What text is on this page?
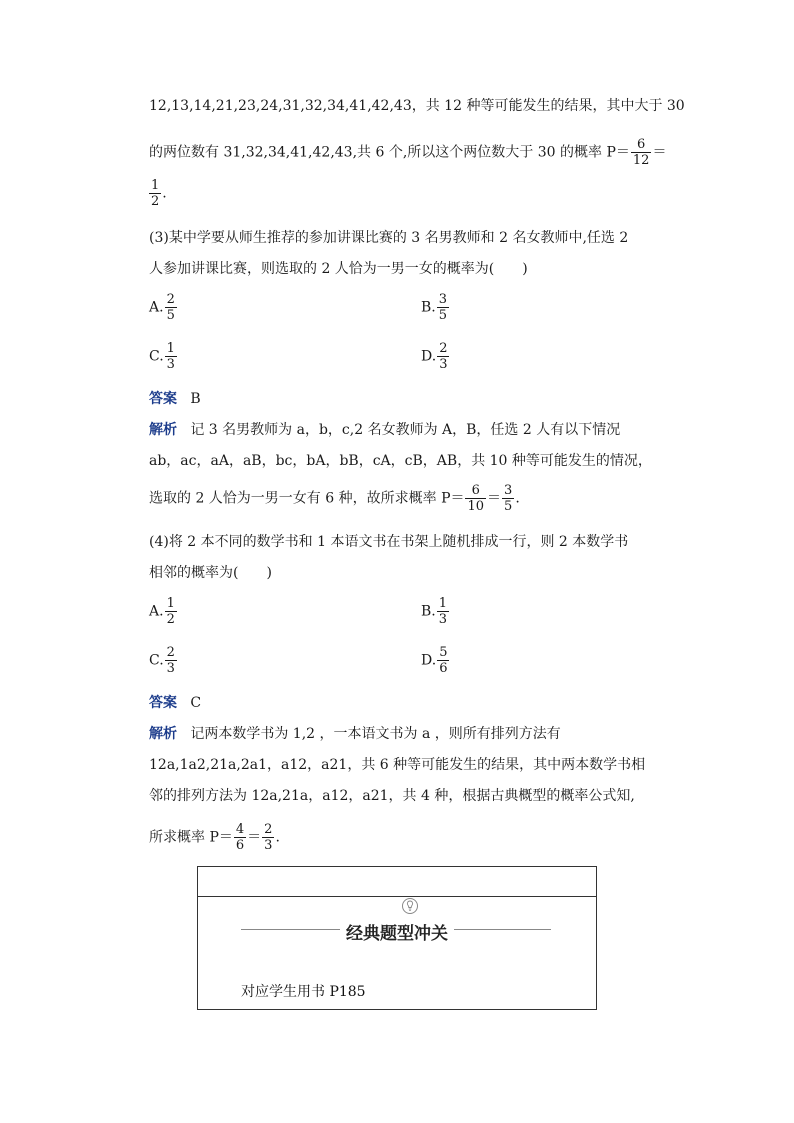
12,13,14,21,23,24,31,32,34,41,42,43，共 12 种等可能发生的结果，其中大于 30
的两位数有 31,32,34,41,42,43,共 6 个,所以这个两位数大于 30 的概率 $P= \frac{6}{12}$ ＝
$\frac{1}{2}$ .
(3)某中学要从师生推荐的参加讲课比赛的 3 名男教师和 2 名女教师中,任选 2
人参加讲课比赛，则选取的 2 人恰为一男一女的概率为(　　)
A. $\frac{2}{5}$	B. $\frac{3}{5}$
C. $\frac{1}{3}$	D. $\frac{2}{3}$
答案 B
解析 记 3 名男教师为 a，b，c,2 名女教师为 A，B，任选 2 人有以下情况
ab，ac，aA，aB，bc，bA，bB，cA，cB，AB，共 10 种等可能发生的情况，
选取的 2 人恰为一男一女有 6 种，故所求概率 $P= \frac{6}{10} = \frac{3}{5}$ .
(4)将 2 本不同的数学书和 1 本语文书在书架上随机排成一行，则 2 本数学书
相邻的概率为(　　)
A. $\frac{1}{2}$	B. $\frac{1}{3}$
C. $\frac{2}{3}$	D. $\frac{5}{6}$
答案 C
解析 记两本数学书为 1,2 ，一本语文书为 a ，则所有排列方法有
12a,1a2,21a,2a1，a12，a21，共 6 种等可能发生的结果，其中两本数学书相
邻的排列方法为 12a,21a，a12，a21，共 4 种，根据古典概型的概率公式知,
所求概率 $P= \frac{4}{6} = \frac{2}{3}$ .
经典题型冲关
对应学生用书 P185
